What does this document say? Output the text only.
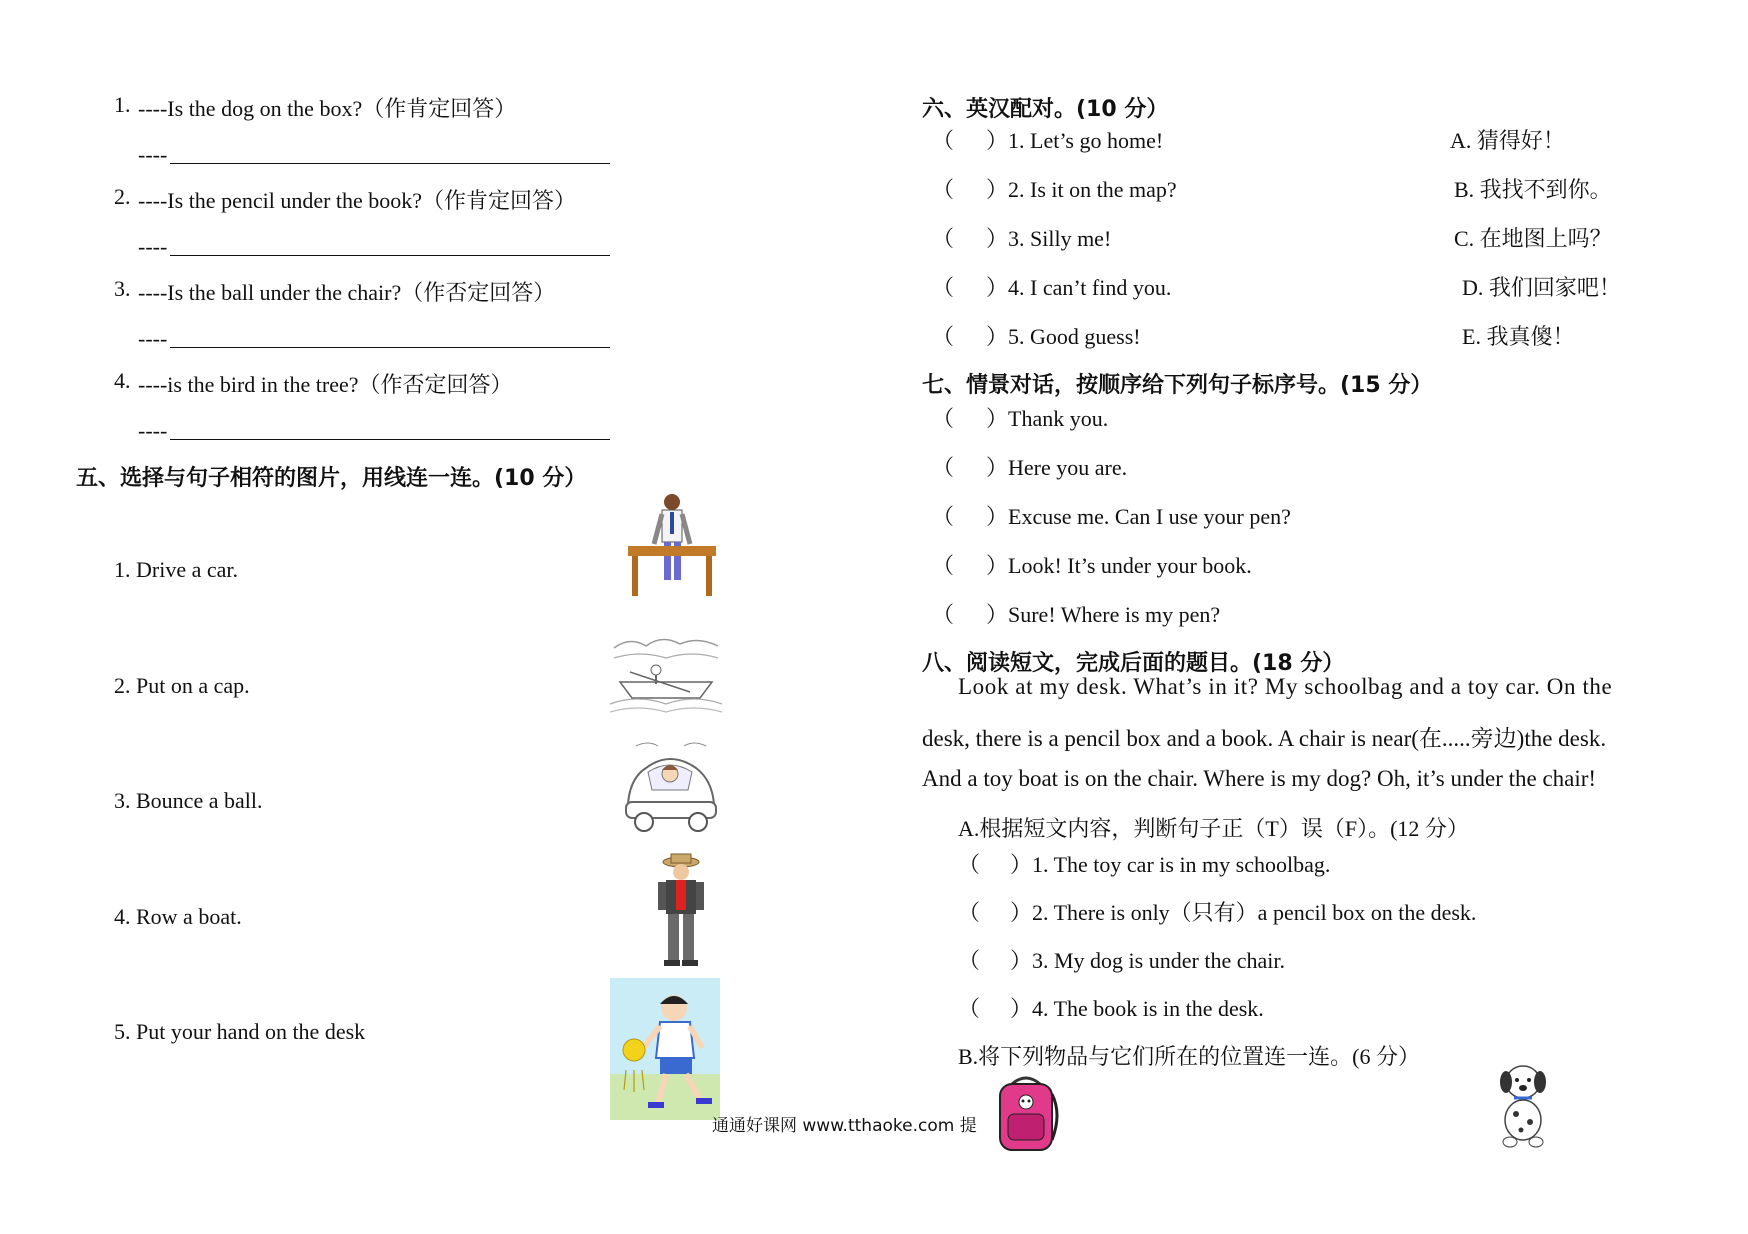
1. ----Is the dog on the box?（作肯定回答）
----
2. ----Is the pencil under the book?（作肯定回答）
----
3. ----Is the ball under the chair?（作否定回答）
----
4. ----is the bird in the tree?（作否定回答）
----
五、选择与句子相符的图片，用线连一连。(10 分）
1. Drive a car.
2. Put on a cap.
3. Bounce a ball.
4. Row a boat.
5. Put your hand on the desk
六、英汉配对。(10 分）
（ ）1. Let’s go home!	A. 猜得好！
（ ）2. Is it on the map?	B. 我找不到你。
（ ）3. Silly me!	C. 在地图上吗？
（ ）4. I can’t find you.	D. 我们回家吧！
（ ）5. Good guess!	E. 我真傻！
七、情景对话，按顺序给下列句子标序号。(15 分）
（ ）Thank you.
（ ）Here you are.
（ ）Excuse me. Can I use your pen?
（ ）Look! It’s under your book.
（ ）Sure! Where is my pen?
八、阅读短文，完成后面的题目。(18 分）
Look at my desk. What’s in it? My schoolbag and a toy car. On the
desk, there is a pencil box and a book. A chair is near(在.....旁边)the desk.
And a toy boat is on the chair. Where is my dog? Oh, it’s under the chair!
A.根据短文内容，判断句子正（T）误（F）。(12 分）
（ ）1. The toy car is in my schoolbag.
（ ）2. There is only（只有）a pencil box on the desk.
（ ）3. My dog is under the chair.
（ ）4. The book is in the desk.
B.将下列物品与它们所在的位置连一连。(6 分）
通通好课网 www.tthaoke.com 提
